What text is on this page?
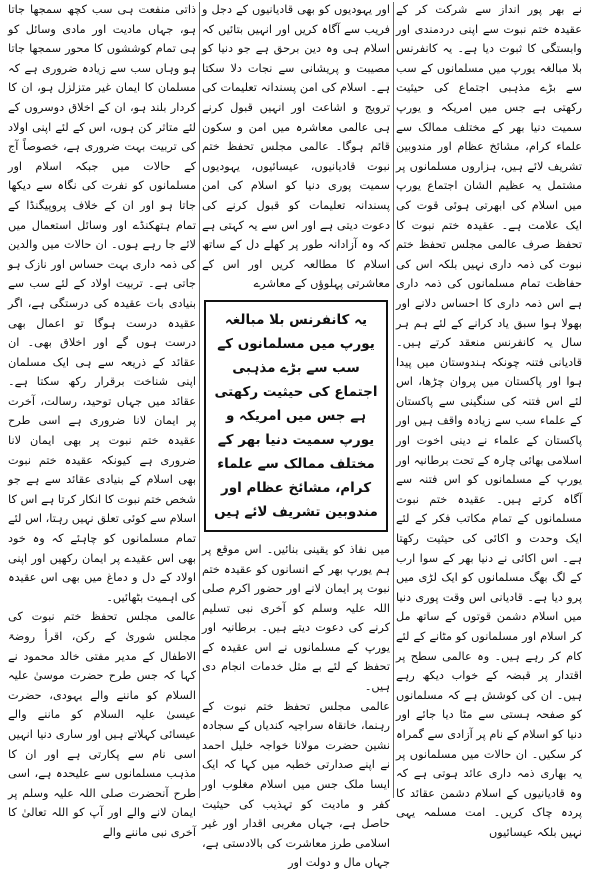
نے بھر پور انداز سے شرکت کر کے عقیدہ ختم نبوت سے اپنی دردمندی اور وابستگی کا ثبوت دیا ہے۔ یہ کانفرنس بلا مبالغہ یورپ میں مسلمانوں کے سب سے بڑے مذہبی اجتماع کی حیثیت رکھتی ہے جس میں امریکہ و یورپ سمیت دنیا بھر کے مختلف ممالک سے علماء کرام، مشائخ عظام اور مندوبین تشریف لائے ہیں، ہزاروں مسلمانوں پر مشتمل یہ عظیم الشان اجتماع یورپ میں اسلام کی ابھرتی ہوئی قوت کی ایک علامت ہے۔ عقیدہ ختم نبوت کا تحفظ صرف عالمی مجلس تحفظ ختم نبوت کی ذمہ داری نہیں بلکہ اس کی حفاظت تمام مسلمانوں کی ذمہ داری ہے اس ذمہ داری کا احساس دلانے اور بھولا ہوا سبق یاد کرانے کے لئے ہم ہر سال یہ کانفرنس منعقد کرتے ہیں۔ قادیانی فتنہ چونکہ ہندوستان میں پیدا ہوا اور پاکستان میں پروان چڑھا، اس لئے اس فتنہ کی سنگینی سے پاکستان کے علماء سب سے زیادہ واقف ہیں اور پاکستان کے علماء نے دینی اخوت اور اسلامی بھائی چارہ کے تحت برطانیہ اور یورپ کے مسلمانوں کو اس فتنہ سے آگاہ کرتے ہیں۔ عقیدہ ختم نبوت مسلمانوں کے تمام مکاتب فکر کے لئے ایک وحدت و اکائی کی حیثیت رکھتا ہے۔ اس اکائی نے دنیا بھر کے سوا ارب کے لگ بھگ مسلمانوں کو ایک لڑی میں پرو دیا ہے۔ قادیانی اس وقت پوری دنیا میں اسلام دشمن قوتوں کے ساتھ مل کر اسلام اور مسلمانوں کو مٹانے کے لئے کام کر رہے ہیں۔ وہ عالمی سطح پر اقتدار پر قبضہ کے خواب دیکھ رہے ہیں۔ ان کی کوشش ہے کہ مسلمانوں کو صفحہ ہستی سے مٹا دیا جائے اور دنیا کو اسلام کے نام پر آزادی سے گمراہ کر سکیں۔ ان حالات میں مسلمانوں پر یہ بھاری ذمہ داری عائد ہوتی ہے کہ وہ قادیانیوں کے اسلام دشمن عقائد کا پردہ چاک کریں۔ امت مسلمہ یہی نہیں بلکہ عیسائیوں

اور یہودیوں کو بھی قادیانیوں کے دجل و فریب سے آگاہ کریں اور انہیں بتائیں کہ اسلام ہی وہ دین برحق ہے جو دنیا کو مصیبت و پریشانی سے نجات دلا سکتا ہے۔ اسلام کی امن پسندانہ تعلیمات کی ترویج و اشاعت اور انہیں قبول کرنے ہی عالمی معاشرہ میں امن و سکون قائم ہوگا۔ عالمی مجلس تحفظ ختم نبوت قادیانیوں، عیسائیوں، یہودیوں سمیت پوری دنیا کو اسلام کی امن پسندانہ تعلیمات کو قبول کرنے کی دعوت دیتی ہے اور اس سے یہ کہتی ہے کہ وہ آزادانہ طور پر کھلے دل کے ساتھ اسلام کا مطالعہ کریں اور اس کے معاشرتی پہلوؤں کے معاشرے

یہ کانفرنس بلا مبالغہ یورپ میں مسلمانوں کے سب سے بڑے مذہبی اجتماع کی حیثیت رکھتی ہے جس میں امریکہ و یورپ سمیت دنیا بھر کے مختلف ممالک سے علماء کرام، مشائخ عظام اور مندوبین تشریف لائے ہیں

میں نفاذ کو یقینی بنائیں۔ اس موقع پر ہم یورپ بھر کے انسانوں کو عقیدہ ختم نبوت پر ایمان لانے اور حضور اکرم صلی اللہ علیہ وسلم کو آخری نبی تسلیم کرنے کی دعوت دیتے ہیں۔ برطانیہ اور یورپ کے مسلمانوں نے اس عقیدہ کے تحفظ کے لئے بے مثل خدمات انجام دی ہیں۔

عالمی مجلس تحفظ ختم نبوت کے رہنما، خانقاہ سراجیہ کندیاں کے سجادہ نشین حضرت مولانا خواجہ خلیل احمد نے اپنے صدارتی خطبہ میں کہا کہ ایک ایسا ملک جس میں اسلام مغلوب اور کفر و مادیت کو تہذیب کی حیثیت حاصل ہے، جہاں مغربی اقدار اور غیر اسلامی طرز معاشرت کی بالادستی ہے، جہاں مال و دولت اور

ذاتی منفعت ہی سب کچھ سمجھا جاتا ہو، جہاں مادیت اور مادی وسائل کو ہی تمام کوششوں کا محور سمجھا جاتا ہو وہاں سب سے زیادہ ضروری ہے کہ مسلمان کا ایمان غیر متزلزل ہو، ان کا کردار بلند ہو، ان کے اخلاق دوسروں کے لئے متاثر کن ہوں، اس کے لئے اپنی اولاد کی تربیت بہت ضروری ہے، خصوصاً آج کے حالات میں جبکہ اسلام اور مسلمانوں کو نفرت کی نگاہ سے دیکھا جاتا ہو اور ان کے خلاف پروپیگنڈا کے تمام ہتھکنڈے اور وسائل استعمال میں لائے جا رہے ہوں۔ ان حالات میں والدین کی ذمہ داری بہت حساس اور نازک ہو جاتی ہے۔ تربیت اولاد کے لئے سب سے بنیادی بات عقیدہ کی درستگی ہے، اگر عقیدہ درست ہوگا تو اعمال بھی درست ہوں گے اور اخلاق بھی۔ ان عقائد کے ذریعہ سے ہی ایک مسلمان اپنی شناخت برقرار رکھ سکتا ہے۔ عقائد میں جہاں توحید، رسالت، آخرت پر ایمان لانا ضروری ہے اسی طرح عقیدہ ختم نبوت پر بھی ایمان لانا ضروری ہے کیونکہ عقیدہ ختم نبوت بھی اسلام کے بنیادی عقائد سے ہے جو شخص ختم نبوت کا انکار کرتا ہے اس کا اسلام سے کوئی تعلق نہیں رہتا، اس لئے تمام مسلمانوں کو چاہئے کہ وہ خود بھی اس عقیدے پر ایمان رکھیں اور اپنی اولاد کے دل و دماغ میں بھی اس عقیدہ کی اہمیت بٹھائیں۔

عالمی مجلس تحفظ ختم نبوت کی مجلس شوریٰ کے رکن، اقرأ روضۃ الاطفال کے مدیر مفتی خالد محمود نے کہا کہ جس طرح حضرت موسیٰ علیہ السلام کو ماننے والے یہودی، حضرت عیسیٰ علیہ السلام کو ماننے والے عیسائی کہلاتے ہیں اور ساری دنیا انہیں اسی نام سے پکارتی ہے اور ان کا مذہب مسلمانوں سے علیحدہ ہے، اسی طرح آنحضرت صلی اللہ علیہ وسلم پر ایمان لانے والے اور آپ کو اللہ تعالیٰ کا آخری نبی ماننے والے
